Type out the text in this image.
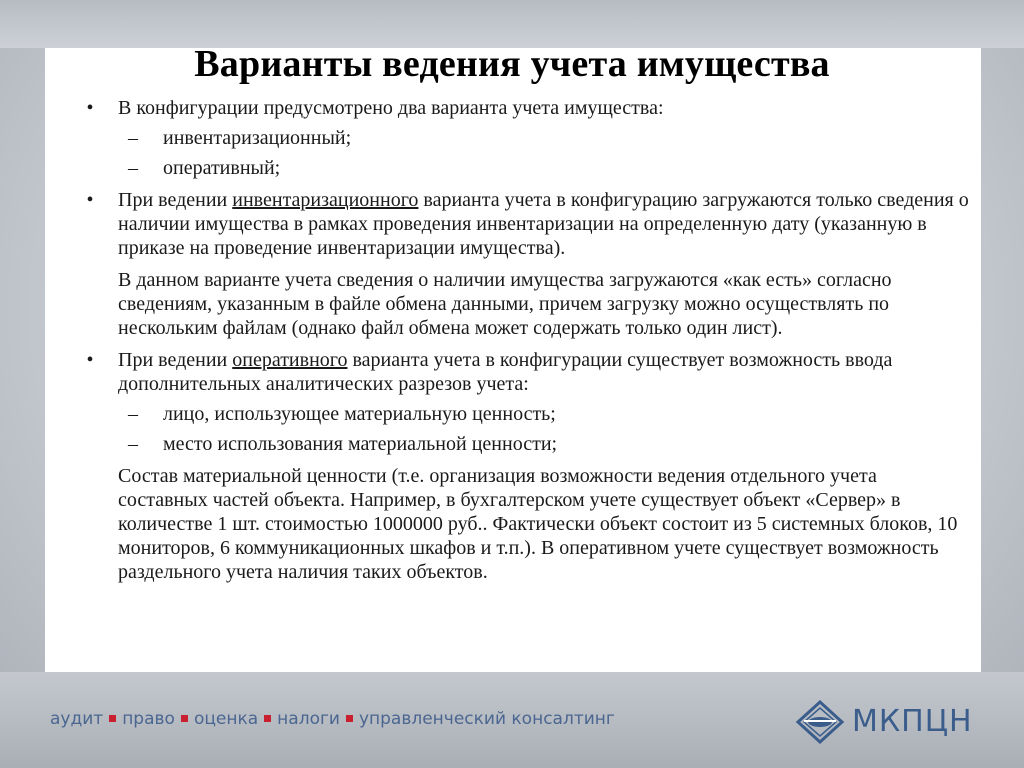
Варианты ведения учета имущества
•	В конфигурации предусмотрено два варианта учета имущества:
– инвентаризационный;
– оперативный;
•	При ведении инвентаризационного варианта учета в конфигурацию загружаются только сведения о наличии имущества в рамках проведения инвентаризации на определенную дату (указанную в приказе на проведение инвентаризации имущества).
В данном варианте учета сведения о наличии имущества загружаются «как есть» согласно сведениям, указанным в файле обмена данными, причем загрузку можно осуществлять по нескольким файлам (однако файл обмена может содержать только один лист).
•	При ведении оперативного варианта учета в конфигурации существует возможность ввода дополнительных аналитических разрезов учета:
– лицо, использующее материальную ценность;
– место использования материальной ценности;
Состав материальной ценности (т.е. организация возможности ведения отдельного учета составных частей объекта. Например, в бухгалтерском учете существует объект «Сервер» в количестве 1 шт. стоимостью 1000000 руб.. Фактически объект состоит из 5 системных блоков, 10 мониторов, 6 коммуникационных шкафов и т.п.). В оперативном учете существует возможность раздельного учета наличия таких объектов.
аудит право оценка налоги управленческий консалтинг	МКПЦН
